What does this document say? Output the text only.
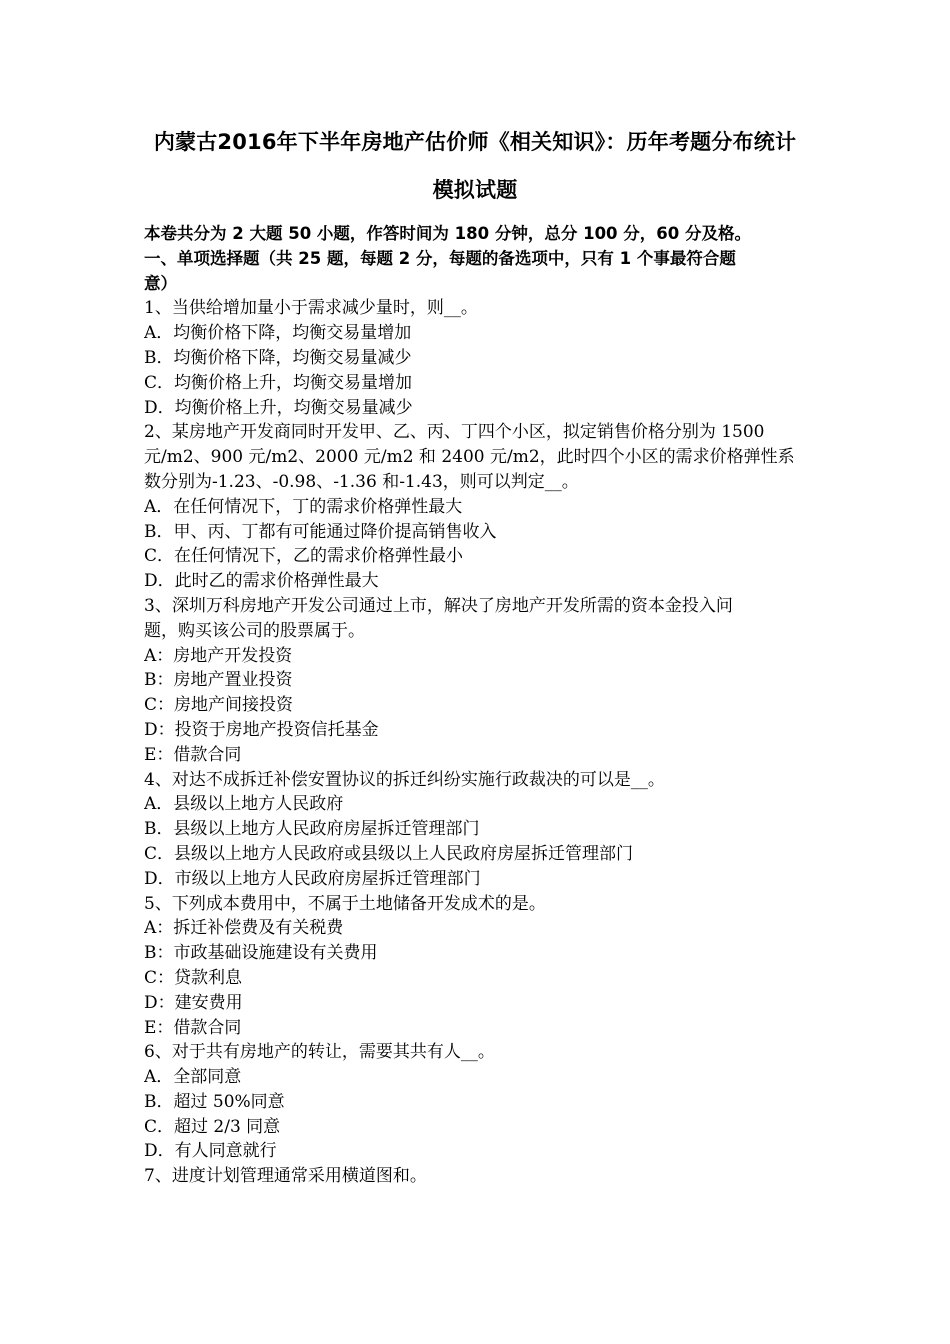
内蒙古2016年下半年房地产估价师《相关知识》：历年考题分布统计
模拟试题
本卷共分为 2 大题 50 小题，作答时间为 180 分钟，总分 100 分，60 分及格。
一、单项选择题（共 25 题，每题 2 分，每题的备选项中，只有 1 个事最符合题
意）
1、当供给增加量小于需求减少量时，则__。
A．均衡价格下降，均衡交易量增加
B．均衡价格下降，均衡交易量减少
C．均衡价格上升，均衡交易量增加
D．均衡价格上升，均衡交易量减少
2、某房地产开发商同时开发甲、乙、丙、丁四个小区，拟定销售价格分别为 1500
元/m2、900 元/m2、2000 元/m2 和 2400 元/m2，此时四个小区的需求价格弹性系
数分别为-1.23、-0.98、-1.36 和-1.43，则可以判定__。
A．在任何情况下，丁的需求价格弹性最大
B．甲、丙、丁都有可能通过降价提高销售收入
C．在任何情况下，乙的需求价格弹性最小
D．此时乙的需求价格弹性最大
3、深圳万科房地产开发公司通过上市，解决了房地产开发所需的资本金投入问
题，购买该公司的股票属于。
A：房地产开发投资
B：房地产置业投资
C：房地产间接投资
D：投资于房地产投资信托基金
E：借款合同
4、对达不成拆迁补偿安置协议的拆迁纠纷实施行政裁决的可以是__。
A．县级以上地方人民政府
B．县级以上地方人民政府房屋拆迁管理部门
C．县级以上地方人民政府或县级以上人民政府房屋拆迁管理部门
D．市级以上地方人民政府房屋拆迁管理部门
5、下列成本费用中，不属于土地储备开发成术的是。
A：拆迁补偿费及有关税费
B：市政基础设施建设有关费用
C：贷款利息
D：建安费用
E：借款合同
6、对于共有房地产的转让，需要其共有人__。
A．全部同意
B．超过 50%同意
C．超过 2/3 同意
D．有人同意就行
7、进度计划管理通常采用横道图和。
